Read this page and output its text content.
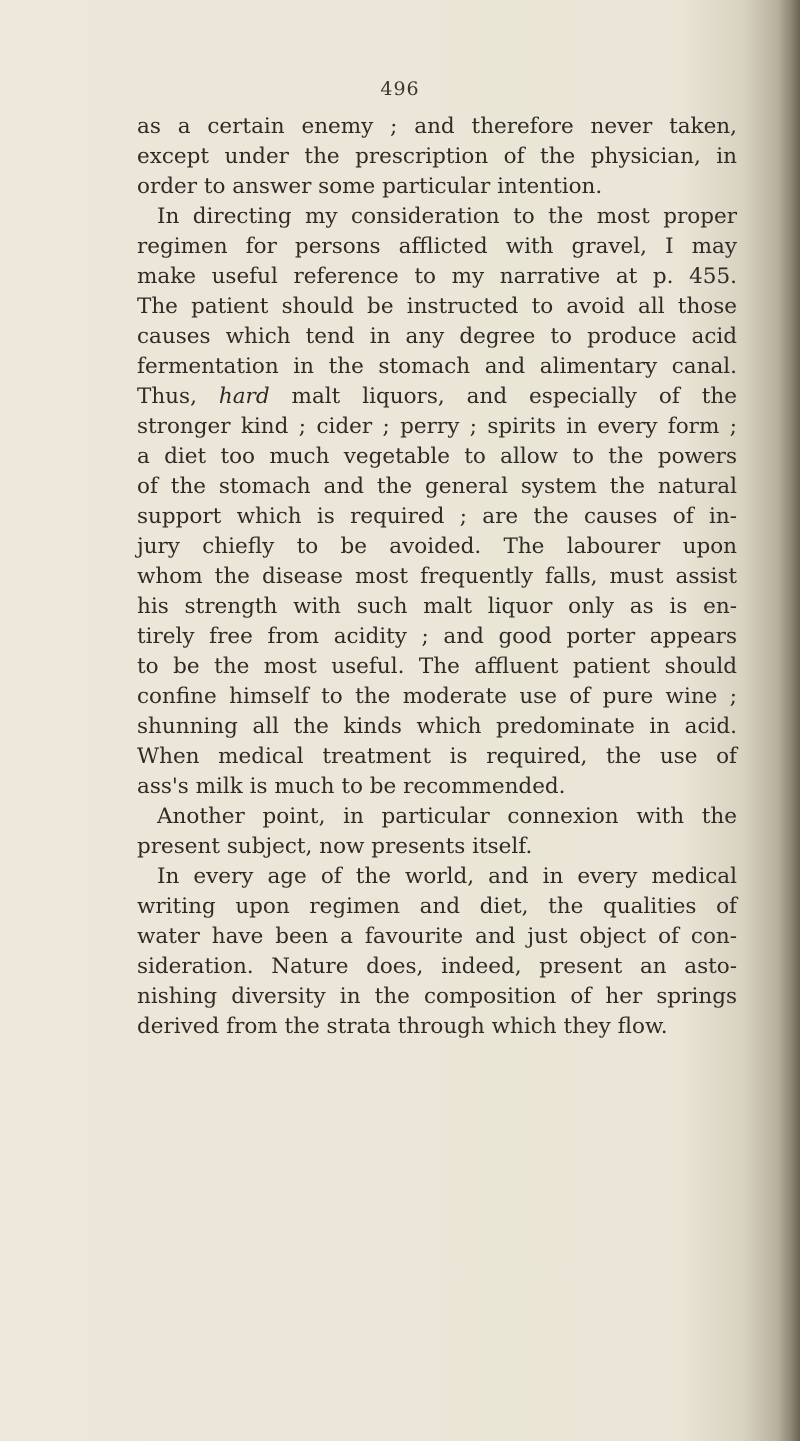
496
as a certain enemy ; and therefore never taken,
except under the prescription of the physician, in
order to answer some particular intention.
In directing my consideration to the most proper
regimen for persons afflicted with gravel, I may
make useful reference to my narrative at p. 455.
The patient should be instructed to avoid all those
causes which tend in any degree to produce acid
fermentation in the stomach and alimentary canal.
Thus, hard malt liquors, and especially of the
stronger kind ; cider ; perry ; spirits in every form ;
a diet too much vegetable to allow to the powers
of the stomach and the general system the natural
support which is required ; are the causes of in-
jury chiefly to be avoided. The labourer upon
whom the disease most frequently falls, must assist
his strength with such malt liquor only as is en-
tirely free from acidity ; and good porter appears
to be the most useful. The affluent patient should
confine himself to the moderate use of pure wine ;
shunning all the kinds which predominate in acid.
When medical treatment is required, the use of
ass's milk is much to be recommended.
Another point, in particular connexion with the
present subject, now presents itself.
In every age of the world, and in every medical
writing upon regimen and diet, the qualities of
water have been a favourite and just object of con-
sideration. Nature does, indeed, present an asto-
nishing diversity in the composition of her springs
derived from the strata through which they flow.
